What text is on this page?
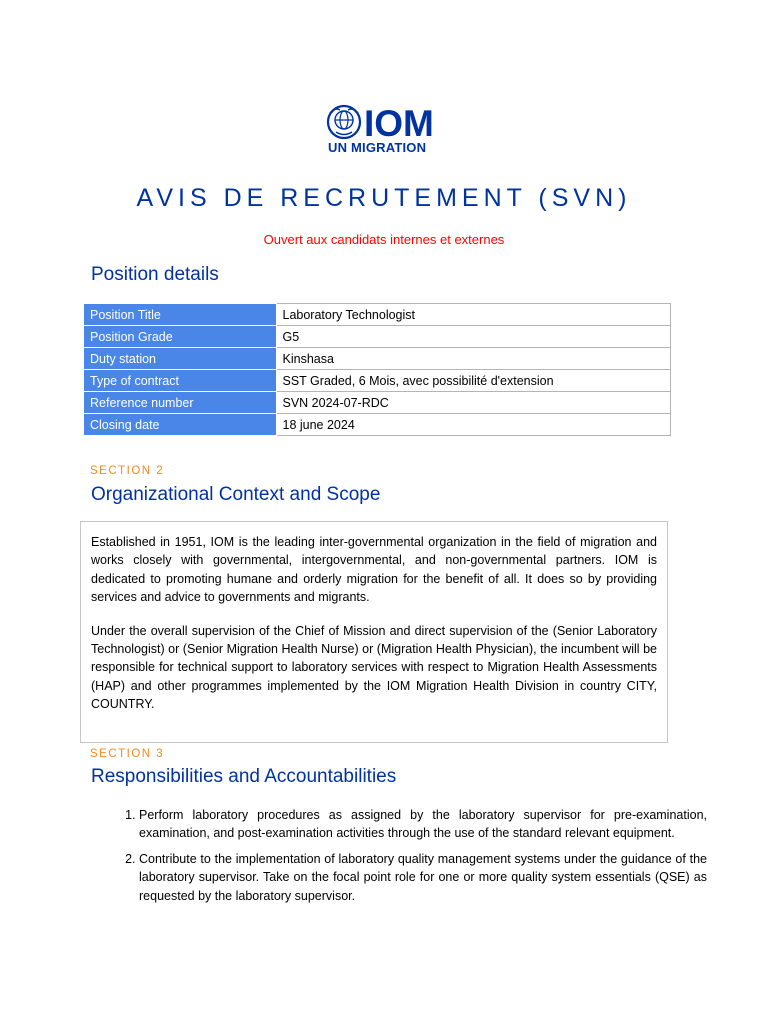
IOM
UN MIGRATION
AVIS DE RECRUTEMENT (SVN)
Ouvert aux candidats internes et externes
Position details
Position Title	Laboratory Technologist
Position Grade	G5
Duty station	Kinshasa
Type of contract	SST Graded, 6 Mois, avec possibilité d'extension
Reference number	SVN 2024-07-RDC
Closing date	18 june 2024
SECTION 2
Organizational Context and Scope

Established in 1951, IOM is the leading inter-governmental organization in the field of migration and works closely with governmental, intergovernmental, and non-governmental partners. IOM is dedicated to promoting humane and orderly migration for the benefit of all. It does so by providing services and advice to governments and migrants.

Under the overall supervision of the Chief of Mission and direct supervision of the (Senior Laboratory Technologist) or (Senior Migration Health Nurse) or (Migration Health Physician), the incumbent will be responsible for technical support to laboratory services with respect to Migration Health Assessments (HAP) and other programmes implemented by the IOM Migration Health Division in country CITY, COUNTRY.

SECTION 3
Responsibilities and Accountabilities
1. Perform laboratory procedures as assigned by the laboratory supervisor for pre-examination, examination, and post-examination activities through the use of the standard relevant equipment.
2. Contribute to the implementation of laboratory quality management systems under the guidance of the laboratory supervisor. Take on the focal point role for one or more quality system essentials (QSE) as requested by the laboratory supervisor.
